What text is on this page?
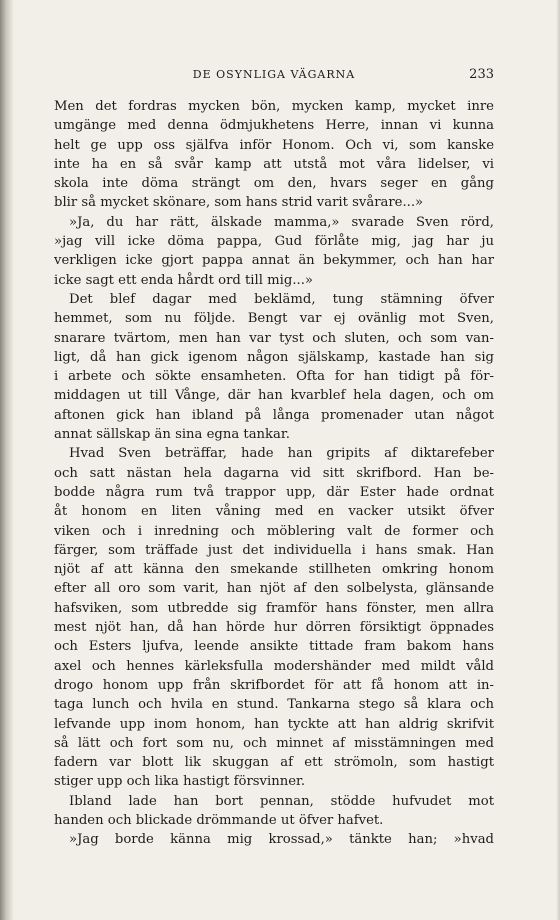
DE OSYNLIGA VÄGARNA	233
Men det fordras mycken bön, mycken kamp, mycket inre
umgänge med denna ödmjukhetens Herre, innan vi kunna
helt ge upp oss själfva inför Honom. Och vi, som kanske
inte ha en så svår kamp att utstå mot våra lidelser, vi
skola inte döma strängt om den, hvars seger en gång
blir så mycket skönare, som hans strid varit svårare...»
»Ja, du har rätt, älskade mamma,» svarade Sven rörd,
»jag vill icke döma pappa, Gud förlåte mig, jag har ju
verkligen icke gjort pappa annat än bekymmer, och han har
icke sagt ett enda hårdt ord till mig...»
Det blef dagar med beklämd, tung stämning öfver
hemmet, som nu följde. Bengt var ej ovänlig mot Sven,
snarare tvärtom, men han var tyst och sluten, och som van-
ligt, då han gick igenom någon själskamp, kastade han sig
i arbete och sökte ensamheten. Ofta for han tidigt på för-
middagen ut till Vånge, där han kvarblef hela dagen, och om
aftonen gick han ibland på långa promenader utan något
annat sällskap än sina egna tankar.
Hvad Sven beträffar, hade han gripits af diktarefeber
och satt nästan hela dagarna vid sitt skrifbord. Han be-
bodde några rum två trappor upp, där Ester hade ordnat
åt honom en liten våning med en vacker utsikt öfver
viken och i inredning och möblering valt de former och
färger, som träffade just det individuella i hans smak. Han
njöt af att känna den smekande stillheten omkring honom
efter all oro som varit, han njöt af den solbelysta, glänsande
hafsviken, som utbredde sig framför hans fönster, men allra
mest njöt han, då han hörde hur dörren försiktigt öppnades
och Esters ljufva, leende ansikte tittade fram bakom hans
axel och hennes kärleksfulla modershänder med mildt våld
drogo honom upp från skrifbordet för att få honom att in-
taga lunch och hvila en stund. Tankarna stego så klara och
lefvande upp inom honom, han tyckte att han aldrig skrifvit
så lätt och fort som nu, och minnet af misstämningen med
fadern var blott lik skuggan af ett strömoln, som hastigt
stiger upp och lika hastigt försvinner.
Ibland lade han bort pennan, stödde hufvudet mot
handen och blickade drömmande ut öfver hafvet.
»Jag borde känna mig krossad,» tänkte han; »hvad
